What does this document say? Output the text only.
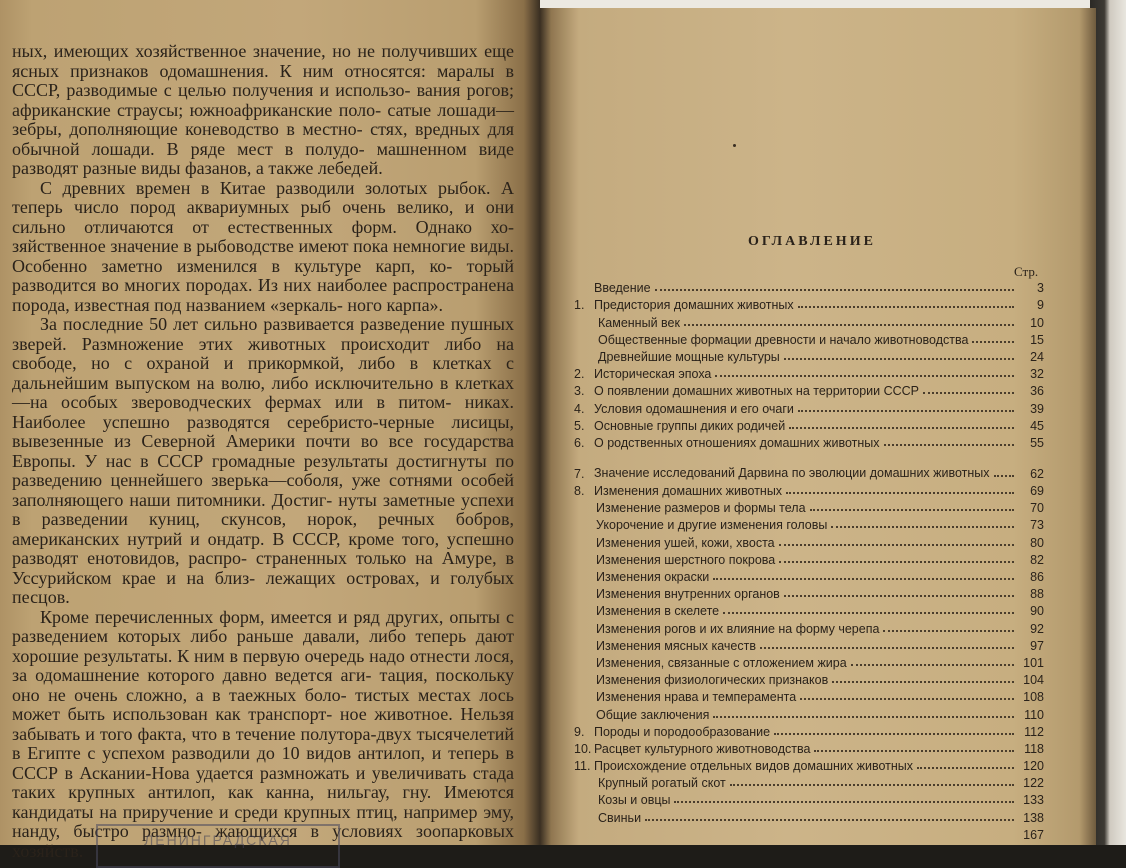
ных, имеющих хозяйственное значение, но не получивших еще ясных признаков одомашнения. К ним относятся: маралы в СССР, разводимые с целью получения и использо- вания рогов; африканские страусы; южноафриканские поло- сатые лошади—зебры, дополняющие коневодство в местно- стях, вредных для обычной лошади. В ряде мест в полудо- машненном виде разводят разные виды фазанов, а также лебедей.

С древних времен в Китае разводили золотых рыбок. А теперь число пород аквариумных рыб очень велико, и они сильно отличаются от естественных форм. Однако хо- зяйственное значение в рыбоводстве имеют пока немногие виды. Особенно заметно изменился в культуре карп, ко- торый разводится во многих породах. Из них наиболее распространена порода, известная под названием «зеркаль- ного карпа».

За последние 50 лет сильно развивается разведение пушных зверей. Размножение этих животных происходит либо на свободе, но с охраной и прикормкой, либо в клетках с дальнейшим выпуском на волю, либо исключительно в клетках—на особых звероводческих фермах или в питом- никах. Наиболее успешно разводятся серебристо-черные лисицы, вывезенные из Северной Америки почти во все государства Европы. У нас в СССР громадные результаты достигнуты по разведению ценнейшего зверька—соболя, уже сотнями особей заполняющего наши питомники. Достиг- нуты заметные успехи в разведении куниц, скунсов, норок, речных бобров, американских нутрий и ондатр. В СССР, кроме того, успешно разводят енотовидов, распро- страненных только на Амуре, в Уссурийском крае и на близ- лежащих островах, и голубых песцов.

Кроме перечисленных форм, имеется и ряд других, опыты с разведением которых либо раньше давали, либо теперь дают хорошие результаты. К ним в первую очередь надо отнести лося, за одомашнение которого давно ведется аги- тация, поскольку оно не очень сложно, а в таежных боло- тистых местах лось может быть использован как транспорт- ное животное. Нельзя забывать и того факта, что в течение полутора-двух тысячелетий в Египте с успехом разводили до 10 видов антилоп, и теперь в СССР в Аскании-Нова удается размножать и увеличивать стада таких крупных антилоп, как канна, нильгау, гну. Имеются кандидаты на приручение и среди крупных птиц, например эму, нанду, быстро размно- жающихся в условиях зоопарковых хозяйств.

ЛЕНИНГРАДСКАЯ
ОГЛАВЛЕНИЕ
Стр.
Введение	3
1. Предистория домашних животных	9
Каменный век	10
Общественные формации древности и начало животноводства	15
Древнейшие мощные культуры	24
2. Историческая эпоха	32
3. О появлении домашних животных на территории СССР	36
4. Условия одомашнения и его очаги	39
5. Основные группы диких родичей	45
6. О родственных отношениях домашних животных	55
7. Значение исследований Дарвина по эволюции домашних животных	62
8. Изменения домашних животных	69
Изменение размеров и формы тела	70
Укорочение и другие изменения головы	73
Изменения ушей, кожи, хвоста	80
Изменения шерстного покрова	82
Изменения окраски	86
Изменения внутренних органов	88
Изменения в скелете	90
Изменения рогов и их влияние на форму черепа	92
Изменения мясных качеств	97
Изменения, связанные с отложением жира	101
Изменения физиологических признаков	104
Изменения нрава и темперамента	108
Общие заключения	110
9. Породы и породообразование	112
10. Расцвет культурного животноводства	118
11. Происхождение отдельных видов домашних животных	120
Крупный рогатый скот	122
Козы и овцы	133
Свиньи	138
167
